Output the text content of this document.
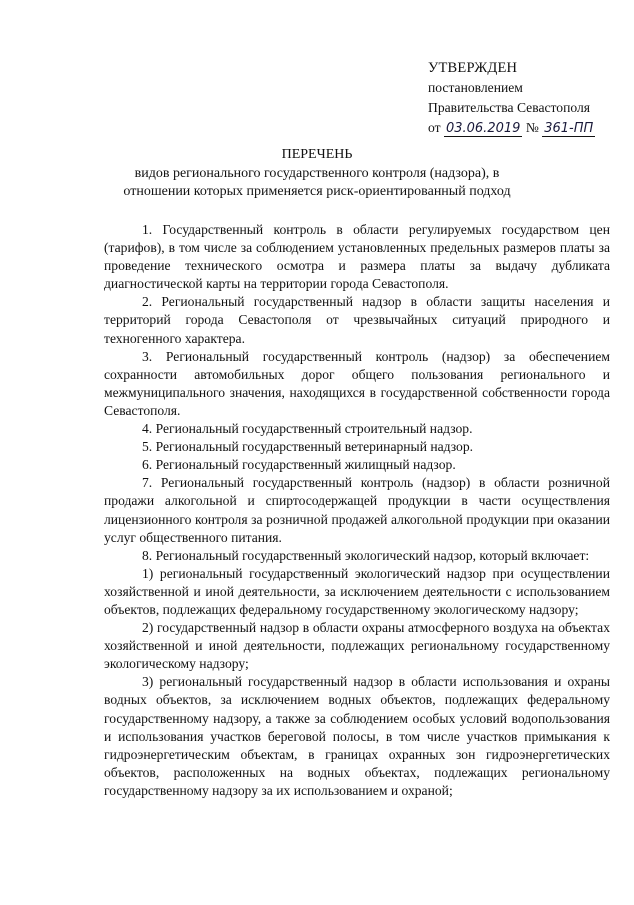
УТВЕРЖДЕН
постановлением
Правительства Севастополя
от 03.06.2019 № 361-ПП
ПЕРЕЧЕНЬ
видов регионального государственного контроля (надзора), в отношении которых применяется риск-ориентированный подход

1. Государственный контроль в области регулируемых государством цен (тарифов), в том числе за соблюдением установленных предельных размеров платы за проведение технического осмотра и размера платы за выдачу дубликата диагностической карты на территории города Севастополя.

2. Региональный государственный надзор в области защиты населения и территорий города Севастополя от чрезвычайных ситуаций природного и техногенного характера.

3. Региональный государственный контроль (надзор) за обеспечением сохранности автомобильных дорог общего пользования регионального и межмуниципального значения, находящихся в государственной собственности города Севастополя.

4. Региональный государственный строительный надзор.

5. Региональный государственный ветеринарный надзор.

6. Региональный государственный жилищный надзор.

7. Региональный государственный контроль (надзор) в области розничной продажи алкогольной и спиртосодержащей продукции в части осуществления лицензионного контроля за розничной продажей алкогольной продукции при оказании услуг общественного питания.

8. Региональный государственный экологический надзор, который включает:

1) региональный государственный экологический надзор при осуществлении хозяйственной и иной деятельности, за исключением деятельности с использованием объектов, подлежащих федеральному государственному экологическому надзору;

2) государственный надзор в области охраны атмосферного воздуха на объектах хозяйственной и иной деятельности, подлежащих региональному государственному экологическому надзору;

3) региональный государственный надзор в области использования и охраны водных объектов, за исключением водных объектов, подлежащих федеральному государственному надзору, а также за соблюдением особых условий водопользования и использования участков береговой полосы, в том числе участков примыкания к гидроэнергетическим объектам, в границах охранных зон гидроэнергетических объектов, расположенных на водных объектах, подлежащих региональному государственному надзору за их использованием и охраной;
